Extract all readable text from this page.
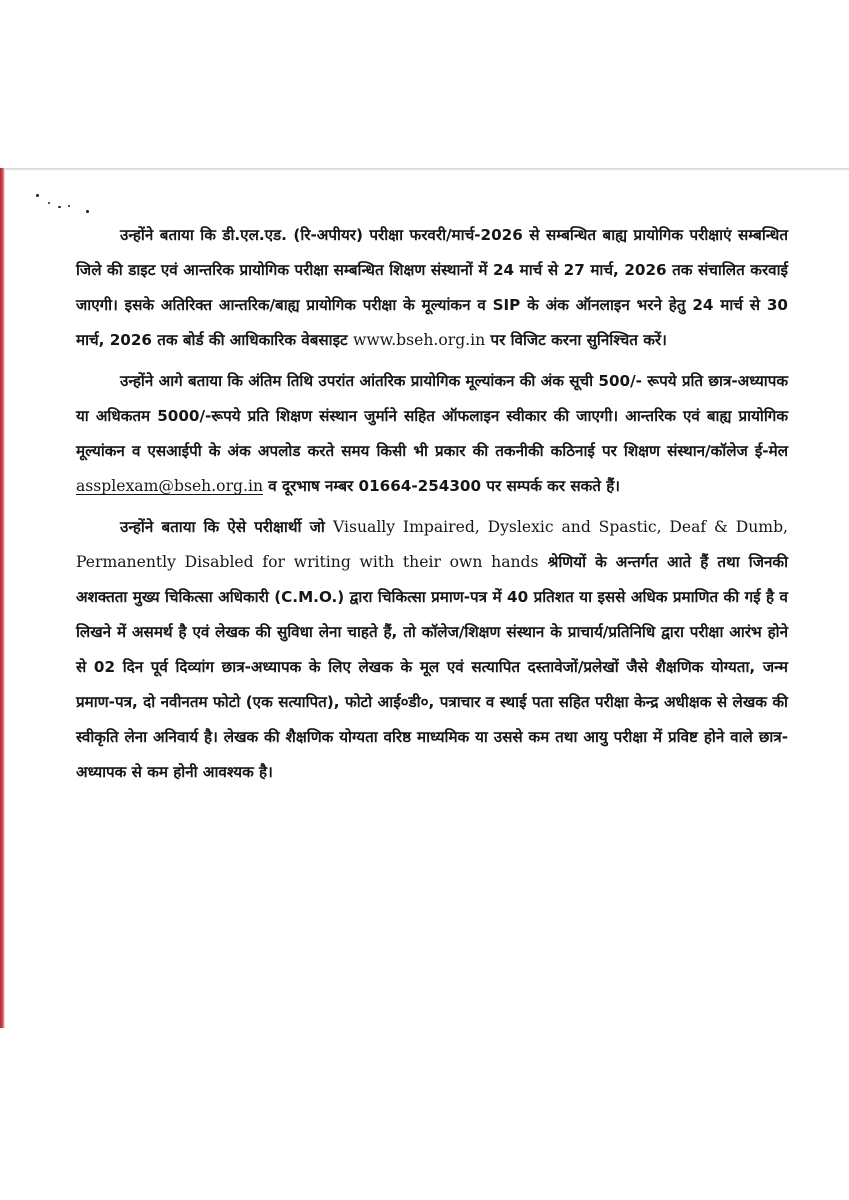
उन्होंने बताया कि डी.एल.एड. (रि-अपीयर) परीक्षा फरवरी/मार्च-2026 से सम्बन्धित बाह्य प्रायोगिक परीक्षाएं सम्बन्धित जिले की डाइट एवं आन्तरिक प्रायोगिक परीक्षा सम्बन्धित शिक्षण संस्थानों में 24 मार्च से 27 मार्च, 2026 तक संचालित करवाई जाएगी। इसके अतिरिक्त आन्तरिक/बाह्य प्रायोगिक परीक्षा के मूल्यांकन व SIP के अंक ऑनलाइन भरने हेतु 24 मार्च से 30 मार्च, 2026 तक बोर्ड की आधिकारिक वेबसाइट www.bseh.org.in पर विजिट करना सुनिश्चित करें।

उन्होंने आगे बताया कि अंतिम तिथि उपरांत आंतरिक प्रायोगिक मूल्यांकन की अंक सूची 500/- रूपये प्रति छात्र-अध्यापक या अधिकतम 5000/-रूपये प्रति शिक्षण संस्थान जुर्माने सहित ऑफलाइन स्वीकार की जाएगी। आन्तरिक एवं बाह्य प्रायोगिक मूल्यांकन व एसआईपी के अंक अपलोड करते समय किसी भी प्रकार की तकनीकी कठिनाई पर शिक्षण संस्थान/कॉलेज ई-मेल assplexam@bseh.org.in व दूरभाष नम्बर 01664-254300 पर सम्पर्क कर सकते हैं।

उन्होंने बताया कि ऐसे परीक्षार्थी जो Visually Impaired, Dyslexic and Spastic, Deaf & Dumb, Permanently Disabled for writing with their own hands श्रेणियों के अन्तर्गत आते हैं तथा जिनकी अशक्तता मुख्य चिकित्सा अधिकारी (C.M.O.) द्वारा चिकित्सा प्रमाण-पत्र में 40 प्रतिशत या इससे अधिक प्रमाणित की गई है व लिखने में असमर्थ है एवं लेखक की सुविधा लेना चाहते हैं, तो कॉलेज/शिक्षण संस्थान के प्राचार्य/प्रतिनिधि द्वारा परीक्षा आरंभ होने से 02 दिन पूर्व दिव्यांग छात्र-अध्यापक के लिए लेखक के मूल एवं सत्यापित दस्तावेजों/प्रलेखों जैसे शैक्षणिक योग्यता, जन्म प्रमाण-पत्र, दो नवीनतम फोटो (एक सत्यापित), फोटो आई०डी०, पत्राचार व स्थाई पता सहित परीक्षा केन्द्र अधीक्षक से लेखक की स्वीकृति लेना अनिवार्य है। लेखक की शैक्षणिक योग्यता वरिष्ठ माध्यमिक या उससे कम तथा आयु परीक्षा में प्रविष्ट होने वाले छात्र-अध्यापक से कम होनी आवश्यक है।
